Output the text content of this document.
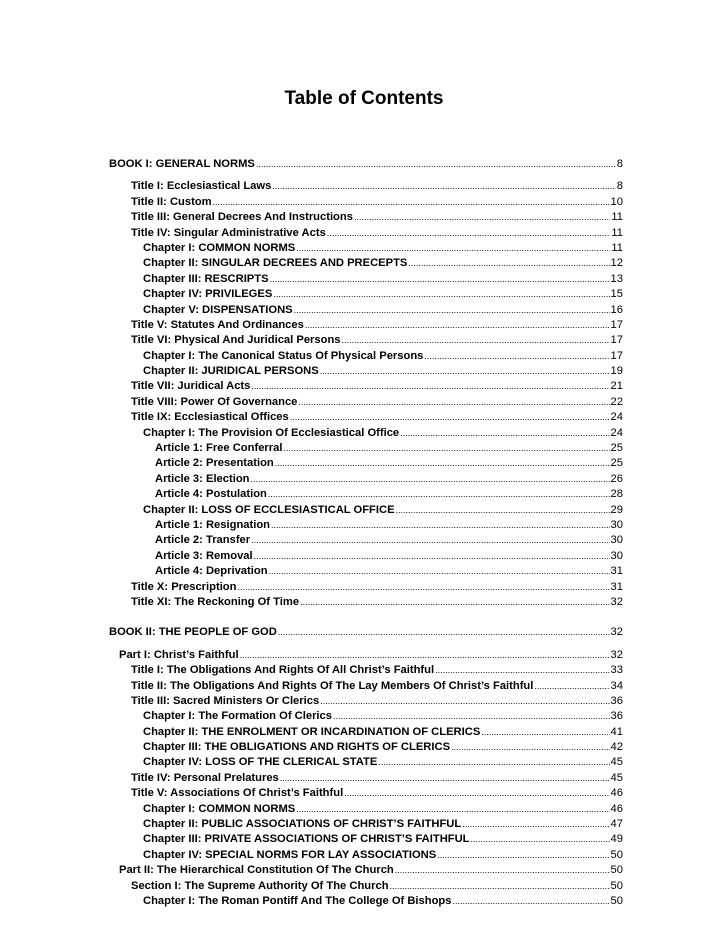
Table of Contents
BOOK I: GENERAL NORMS .....	8
Title I: Ecclesiastical Laws .....	8
Title II: Custom .....	10
Title III: General Decrees And Instructions .....	11
Title IV: Singular Administrative Acts .....	11
Chapter I: COMMON NORMS .....	11
Chapter II: SINGULAR DECREES AND PRECEPTS .....	12
Chapter III: RESCRIPTS .....	13
Chapter IV: PRIVILEGES .....	15
Chapter V: DISPENSATIONS .....	16
Title V: Statutes And Ordinances .....	17
Title VI: Physical And Juridical Persons .....	17
Chapter I: The Canonical Status Of Physical Persons .....	17
Chapter II: JURIDICAL PERSONS .....	19
Title VII: Juridical Acts .....	21
Title VIII: Power Of Governance .....	22
Title IX: Ecclesiastical Offices .....	24
Chapter I: The Provision Of Ecclesiastical Office .....	24
Article 1: Free Conferral .....	25
Article 2: Presentation .....	25
Article 3: Election .....	26
Article 4: Postulation .....	28
Chapter II: LOSS OF ECCLESIASTICAL OFFICE .....	29
Article 1: Resignation .....	30
Article 2: Transfer .....	30
Article 3: Removal .....	30
Article 4: Deprivation .....	31
Title X: Prescription .....	31
Title XI: The Reckoning Of Time .....	32
BOOK II: THE PEOPLE OF GOD .....	32
Part I: Christ’s Faithful .....	32
Title I: The Obligations And Rights Of All Christ’s Faithful .....	33
Title II: The Obligations And Rights Of The Lay Members Of Christ’s Faithful .....	34
Title III: Sacred Ministers Or Clerics .....	36
Chapter I: The Formation Of Clerics .....	36
Chapter II: THE ENROLMENT OR INCARDINATION OF CLERICS .....	41
Chapter III: THE OBLIGATIONS AND RIGHTS OF CLERICS .....	42
Chapter IV: LOSS OF THE CLERICAL STATE .....	45
Title IV: Personal Prelatures .....	45
Title V: Associations Of Christ’s Faithful .....	46
Chapter I: COMMON NORMS .....	46
Chapter II: PUBLIC ASSOCIATIONS OF CHRIST’S FAITHFUL .....	47
Chapter III: PRIVATE ASSOCIATIONS OF CHRIST’S FAITHFUL .....	49
Chapter IV: SPECIAL NORMS FOR LAY ASSOCIATIONS .....	50
Part II: The Hierarchical Constitution Of The Church .....	50
Section I: The Supreme Authority Of The Church .....	50
Chapter I: The Roman Pontiff And The College Of Bishops .....	50
